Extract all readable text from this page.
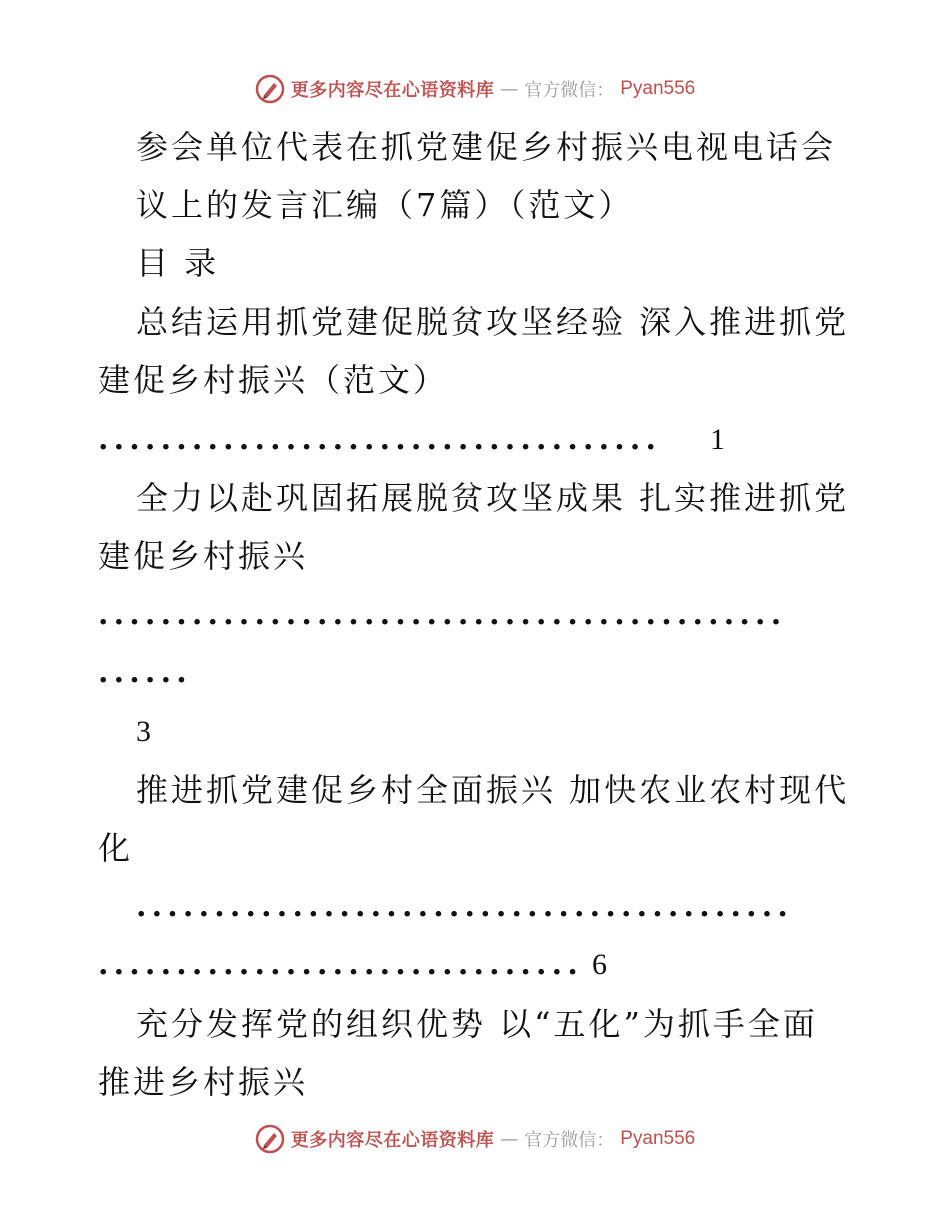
更多内容尽在心语资料库 — 官方微信： Pyan556
参会单位代表在抓党建促乡村振兴电视电话会
议上的发言汇编（7篇）（范文）
目 录
总结运用抓党建促脱贫攻坚经验 深入推进抓党
建促乡村振兴（范文）
.................................... 1
全力以赴巩固拓展脱贫攻坚成果 扎实推进抓党
建促乡村振兴
............................................
......
3
推进抓党建促乡村全面振兴 加快农业农村现代
化
..........................................
............................... 6
充分发挥党的组织优势 以“五化”为抓手全面
推进乡村振兴
更多内容尽在心语资料库 — 官方微信： Pyan556
